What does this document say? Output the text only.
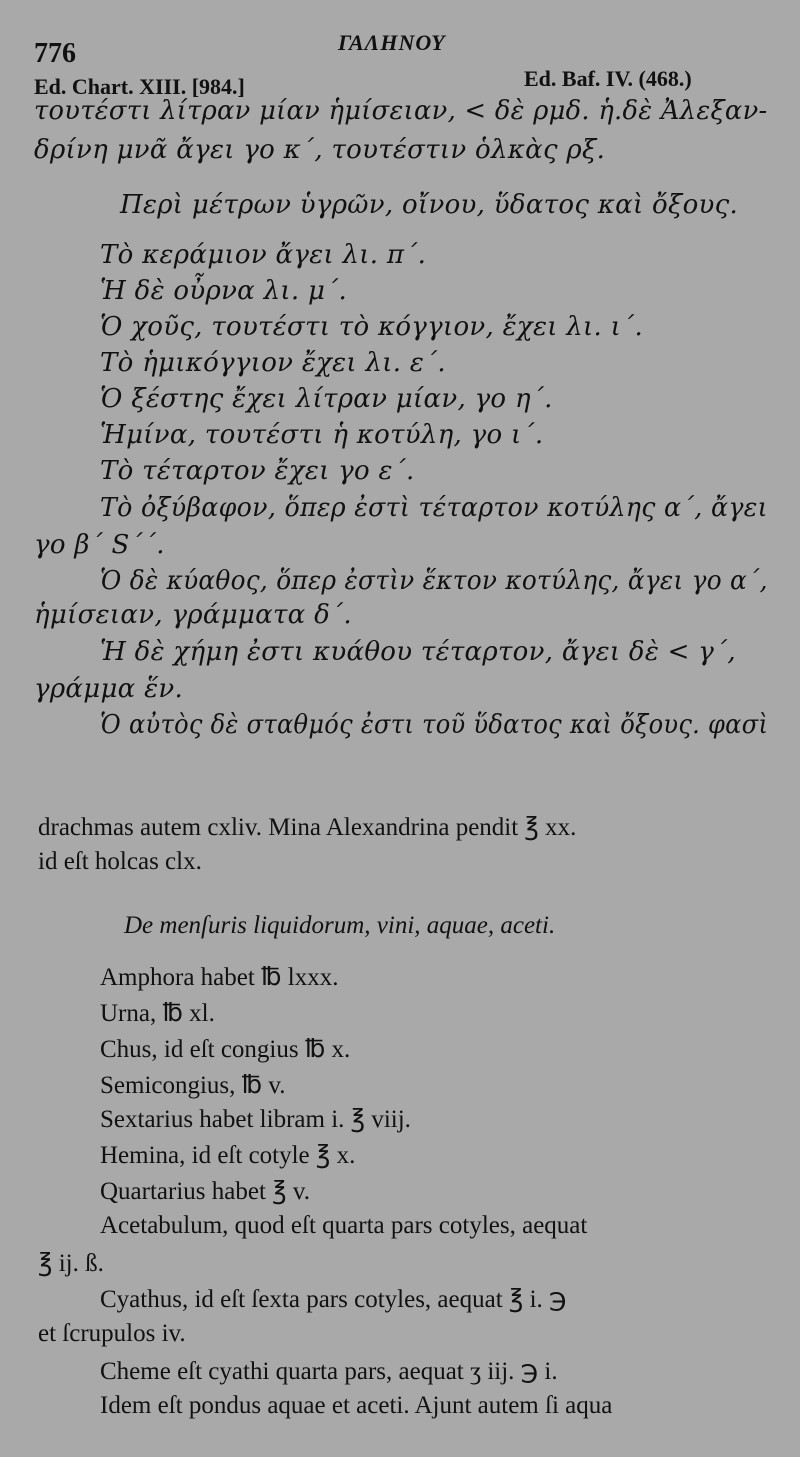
776	ΓΑΛΗΝΟΥ
Ed. Chart. XIII. [984.]	Ed. Baf. IV. (468.)
τουτέστι λίτραν μίαν ἡμίσειαν, < δὲ ρμδ. ἡ.δὲ Ἀλεξαν-
δρίνη μνᾶ ἄγει γο κ΄, τουτέστιν ὁλκὰς ρξ.
Περὶ μέτρων ὑγρῶν, οἴνου, ὕδατος καὶ ὄξους.
Τὸ κεράμιον ἄγει λι. π΄.
Ἡ δὲ οὖρνα λι. μ΄.
Ὁ χοῦς, τουτέστι τὸ κόγγιον, ἔχει λι. ι΄.
Τὸ ἡμικόγγιον ἔχει λι. ε΄.
Ὁ ξέστης ἔχει λίτραν μίαν, γο η΄.
Ἡμίνα, τουτέστι ἡ κοτύλη, γο ι΄.
Τὸ τέταρτον ἔχει γο ε΄.
Τὸ ὀξύβαφον, ὅπερ ἐστὶ τέταρτον κοτύλης α΄, ἄγει
γο β΄ S΄΄.
Ὁ δὲ κύαθος, ὅπερ ἐστὶν ἕκτον κοτύλης, ἄγει γο α΄,
ἡμίσειαν, γράμματα δ΄.
Ἡ δὲ χήμη ἐστι κυάθου τέταρτον, ἄγει δὲ < γ΄,
γράμμα ἕν.
Ὁ αὐτὸς δὲ σταθμός ἐστι τοῦ ὕδατος καὶ ὄξους. φασὶ
drachmas autem cxliv. Mina Alexandrina pendit ℥ xx.
id eſt holcas clx.
De menſuris liquidorum, vini, aquae, aceti.
Amphora habet ℔ lxxx.
Urna, ℔ xl.
Chus, id eſt congius ℔ x.
Semicongius, ℔ v.
Sextarius habet libram i. ℥ viij.
Hemina, id eſt cotyle ℥ x.
Quartarius habet ℥ v.
Acetabulum, quod eſt quarta pars cotyles, aequat
℥ ij. ß.
Cyathus, id eſt ſexta pars cotyles, aequat ℥ i. ℈
et ſcrupulos iv.
Cheme eſt cyathi quarta pars, aequat ʒ iij. ℈ i.
Idem eſt pondus aquae et aceti. Ajunt autem ſi aqua
